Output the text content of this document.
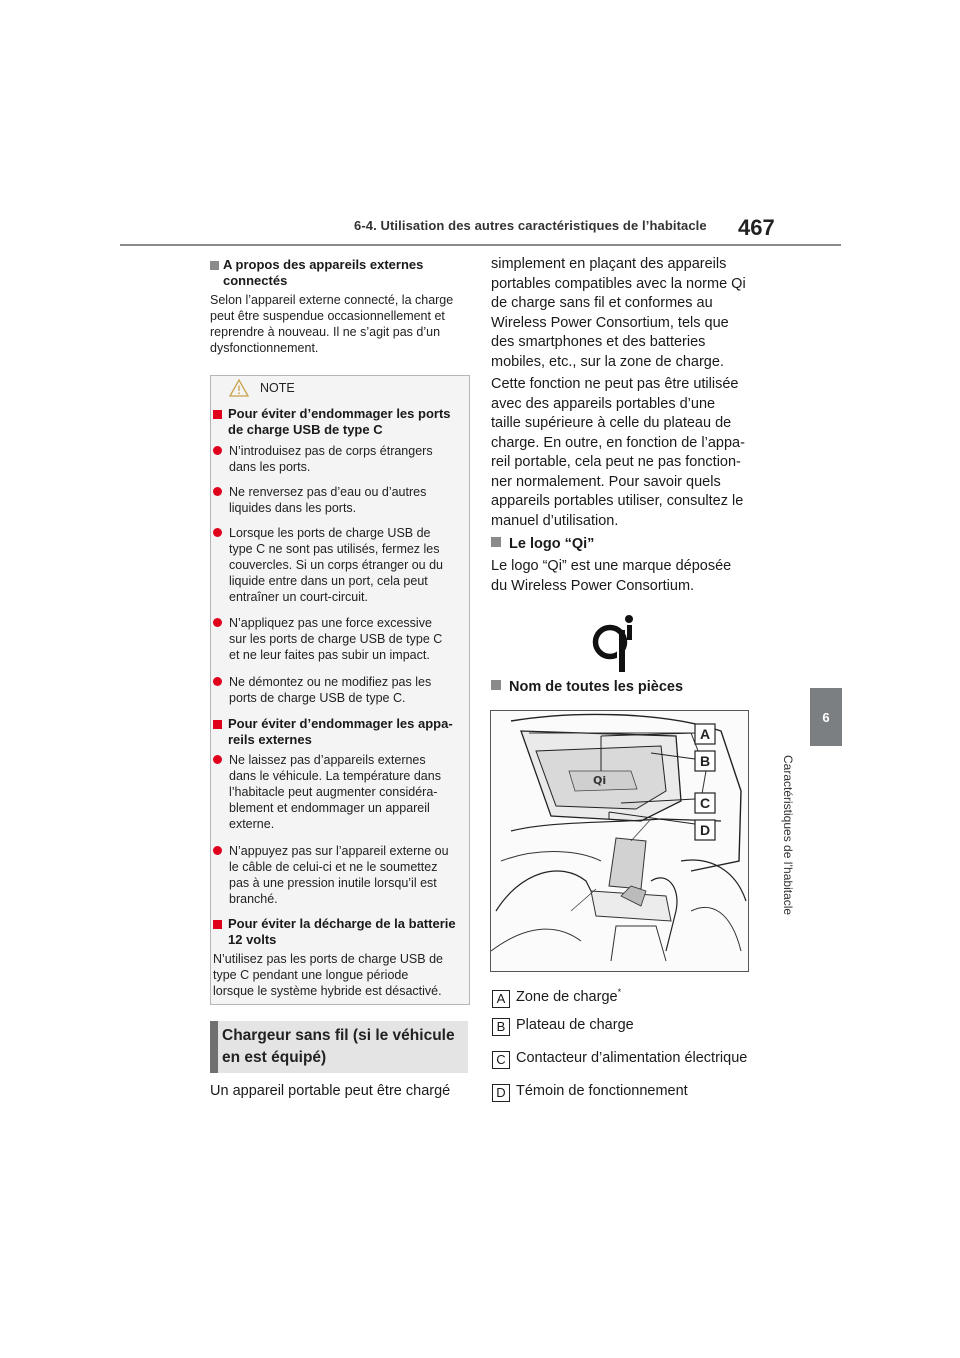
6-4. Utilisation des autres caractéristiques de l’habitacle 467
6
Caractéristiques de l’habitacle
A propos des appareils externes
connectés
Selon l’appareil externe connecté, la charge
peut être suspendue occasionnellement et
reprendre à nouveau. Il ne s’agit pas d’un
dysfonctionnement.
NOTE
Pour éviter d’endommager les ports
de charge USB de type C
N’introduisez pas de corps étrangers
dans les ports.
Ne renversez pas d’eau ou d’autres
liquides dans les ports.
Lorsque les ports de charge USB de
type C ne sont pas utilisés, fermez les
couvercles. Si un corps étranger ou du
liquide entre dans un port, cela peut
entraîner un court-circuit.
N’appliquez pas une force excessive
sur les ports de charge USB de type C
et ne leur faites pas subir un impact.
Ne démontez ou ne modifiez pas les
ports de charge USB de type C.
Pour éviter d’endommager les appa-
reils externes
Ne laissez pas d’appareils externes
dans le véhicule. La température dans
l’habitacle peut augmenter considéra-
blement et endommager un appareil
externe.
N’appuyez pas sur l’appareil externe ou
le câble de celui-ci et ne le soumettez
pas à une pression inutile lorsqu’il est
branché.
Pour éviter la décharge de la batterie
12 volts
N’utilisez pas les ports de charge USB de
type C pendant une longue période
lorsque le système hybride est désactivé.
Chargeur sans fil (si le véhicule
en est équipé)
Un appareil portable peut être chargé
simplement en plaçant des appareils
portables compatibles avec la norme Qi
de charge sans fil et conformes au
Wireless Power Consortium, tels que
des smartphones et des batteries
mobiles, etc., sur la zone de charge.
Cette fonction ne peut pas être utilisée
avec des appareils portables d’une
taille supérieure à celle du plateau de
charge. En outre, en fonction de l’appa-
reil portable, cela peut ne pas fonction-
ner normalement. Pour savoir quels
appareils portables utiliser, consultez le
manuel d’utilisation.
Le logo “Qi”
Le logo “Qi” est une marque déposée
du Wireless Power Consortium.
Nom de toutes les pièces
Qi
A
B
C
D
A Zone de charge*
B Plateau de charge
C Contacteur d’alimentation électrique
D Témoin de fonctionnement
